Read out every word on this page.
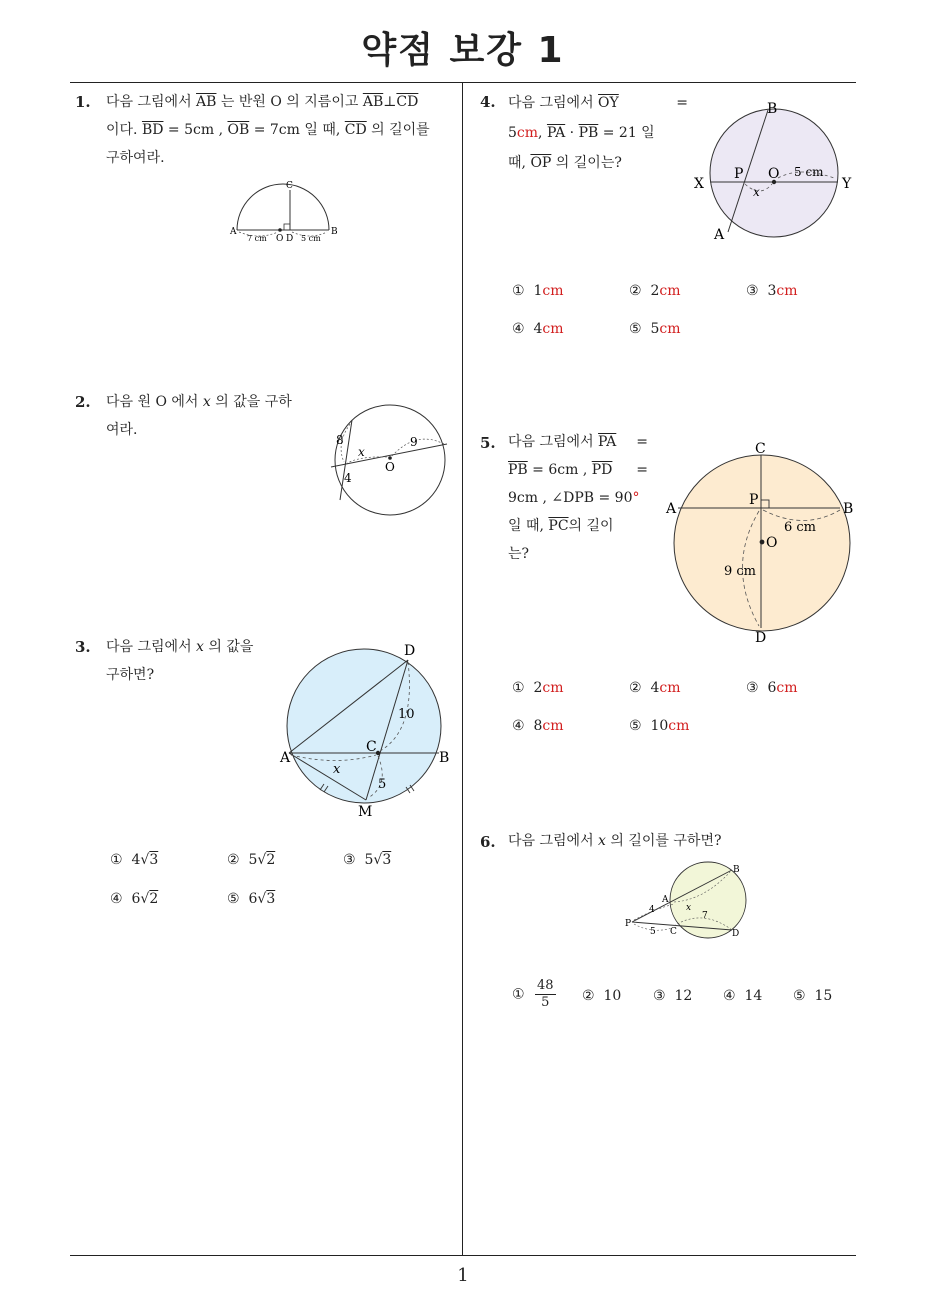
약점 보강 1
1. 다음 그림에서 $\overline{AB}$ 는 반원 O 의 지름이고 $\overline{AB}\perp\overline{CD}$
이다. $\overline{BD} = 5cm$ , $\overline{OB} = 7cm$ 일 때, $\overline{CD}$ 의 길이를
구하여라.
A	B
C
O D
7 cm	5 cm
2. 다음 원 O 에서 x 의 값을 구하
여라.
8
4
x
9
O
3. 다음 그림에서 x 의 값을
구하면?
A	B
C
D
M
x
10
5
① 4√3	② 5√2	③ 5√3
④ 6√2	⑤ 6√3
4. 다음 그림에서 $\overline{OY}$	=
5cm, $\overline{PA} \cdot \overline{PB} = 21$ 일
때, $\overline{OP}$ 의 길이는?
B
A
X	Y
P O
x
5 cm
① 1cm	② 2cm	③ 3cm
④ 4cm	⑤ 5cm
5. 다음 그림에서 $\overline{PA}$ =
$\overline{PB} = 6cm$ , $\overline{PD}$ =
9cm , ∠DPB = 90°
일 때, $\overline{PC}$의 길이
는?
A	B
C
D
P
O
6 cm
9 cm
① 2cm	② 4cm	③ 6cm
④ 8cm	⑤ 10cm
6. 다음 그림에서 x 의 길이를 구하면?
P
A
B
C	D
4
5
7
x
① $\frac{48}{5}$ ② 10 ③ 12 ④ 14 ⑤ 15
1
